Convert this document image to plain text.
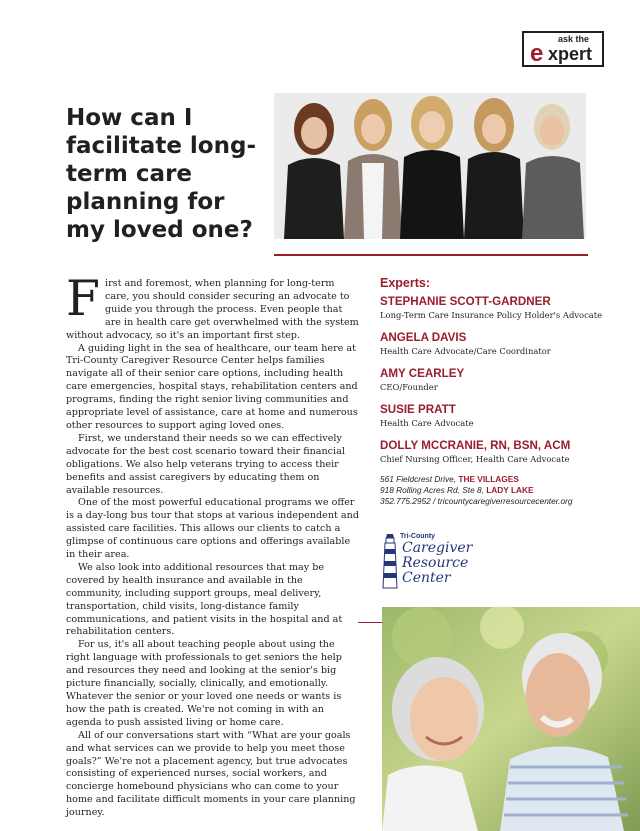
ask the
e xpert
How can I facilitate long-term care planning for my loved one?

First and foremost, when planning for long-term care, you should consider securing an advocate to guide you through the process. Even people that are in health care get overwhelmed with the system without advocacy, so it's an important first step.

A guiding light in the sea of healthcare, our team here at Tri-County Caregiver Resource Center helps families navigate all of their senior care options, including health care emergencies, hospital stays, rehabilitation centers and programs, finding the right senior living communities and appropriate level of assistance, care at home and numerous other resources to support aging loved ones.

First, we understand their needs so we can effectively advocate for the best cost scenario toward their financial obligations. We also help veterans trying to access their benefits and assist caregivers by educating them on available resources.

One of the most powerful educational programs we offer is a day-long bus tour that stops at various independent and assisted care facilities. This allows our clients to catch a glimpse of continuous care options and offerings available in their area.

We also look into additional resources that may be covered by health insurance and available in the community, including support groups, meal delivery, transportation, child visits, long-distance family communications, and patient visits in the hospital and at rehabilitation centers.

For us, it's all about teaching people about using the right language with professionals to get seniors the help and resources they need and looking at the senior's big picture financially, socially, clinically, and emotionally. Whatever the senior or your loved one needs or wants is how the path is created. We're not coming in with an agenda to push assisted living or home care.

All of our conversations start with “What are your goals and what services can we provide to help you meet those goals?” We're not a placement agency, but true advocates consisting of experienced nurses, social workers, and concierge homebound physicians who can come to your home and facilitate difficult moments in your care planning journey.

Experts:
STEPHANIE SCOTT-GARDNER
Long-Term Care Insurance Policy Holder's Advocate
ANGELA DAVIS
Health Care Advocate/Care Coordinator
AMY CEARLEY
CEO/Founder
SUSIE PRATT
Health Care Advocate
DOLLY MCCRANIE, RN, BSN, ACM
Chief Nursing Officer, Health Care Advocate
561 Fieldcrest Drive, THE VILLAGES
918 Rolling Acres Rd, Ste 8, LADY LAKE
352.775.2952 / tricountycaregiverresourcecenter.org
Tri-County
Caregiver
Resource
Center
